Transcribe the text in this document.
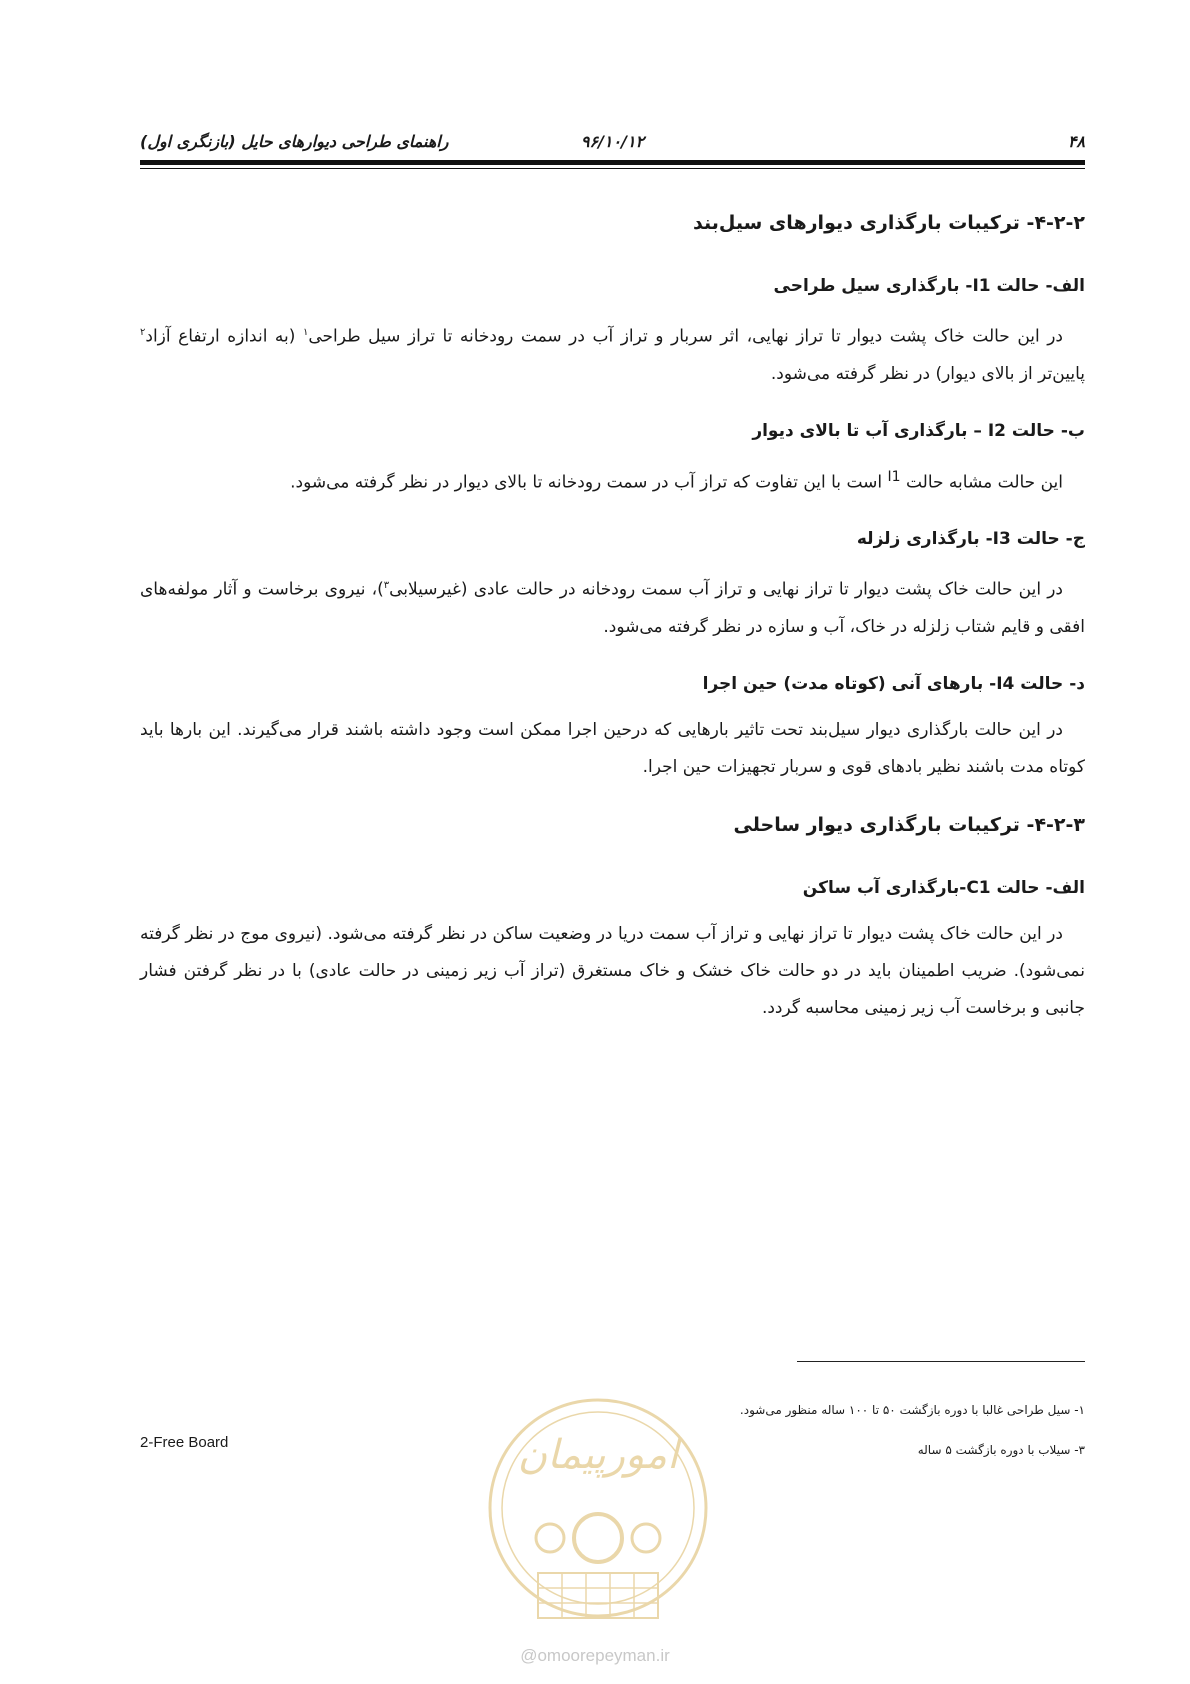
راهنمای طراحی دیوارهای حایل (بازنگری اول)	۹۶/۱۰/۱۲	۴۸
۴-۲-۲- ترکیبات بارگذاری دیوارهای سیل‌بند
الف- حالت I1- بارگذاری سیل طراحی

در این حالت خاک پشت دیوار تا تراز نهایی، اثر سربار و تراز آب در سمت رودخانه تا تراز سیل طراحی$^۱$ (به اندازه ارتفاع آزاد$^۲$ پایین‌تر از بالای دیوار) در نظر گرفته می‌شود.

ب- حالت I2 – بارگذاری آب تا بالای دیوار

این حالت مشابه حالت $^{I1}$ است با این تفاوت که تراز آب در سمت رودخانه تا بالای دیوار در نظر گرفته می‌شود.

ج- حالت I3- بارگذاری زلزله

در این حالت خاک پشت دیوار تا تراز نهایی و تراز آب سمت رودخانه در حالت عادی (غیرسیلابی$^۳$)، نیروی برخاست و آثار مولفه‌های افقی و قایم شتاب زلزله در خاک، آب و سازه در نظر گرفته می‌شود.

د- حالت I4- بارهای آنی (کوتاه مدت) حین اجرا

در این حالت بارگذاری دیوار سیل‌بند تحت تاثیر بارهایی که درحین اجرا ممکن است وجود داشته باشند قرار می‌گیرند. این بارها باید کوتاه مدت باشند نظیر بادهای قوی و سربار تجهیزات حین اجرا.

۴-۲-۳- ترکیبات بارگذاری دیوار ساحلی
الف- حالت C1-بارگذاری آب ساکن

در این حالت خاک پشت دیوار تا تراز نهایی و تراز آب سمت دریا در وضعیت ساکن در نظر گرفته می‌شود. (نیروی موج در نظر گرفته نمی‌شود). ضریب اطمینان باید در دو حالت خاک خشک و خاک مستغرق (تراز آب زیر زمینی در حالت عادی) با در نظر گرفتن فشار جانبی و برخاست آب زیر زمینی محاسبه گردد.

۱- سیل طراحی غالبا با دوره بازگشت ۵۰ تا ۱۰۰ ساله منظور می‌شود.
۳- سیلاب با دوره بازگشت ۵ ساله
2-Free Board	امورپیمان
@omoorepeyman.ir
